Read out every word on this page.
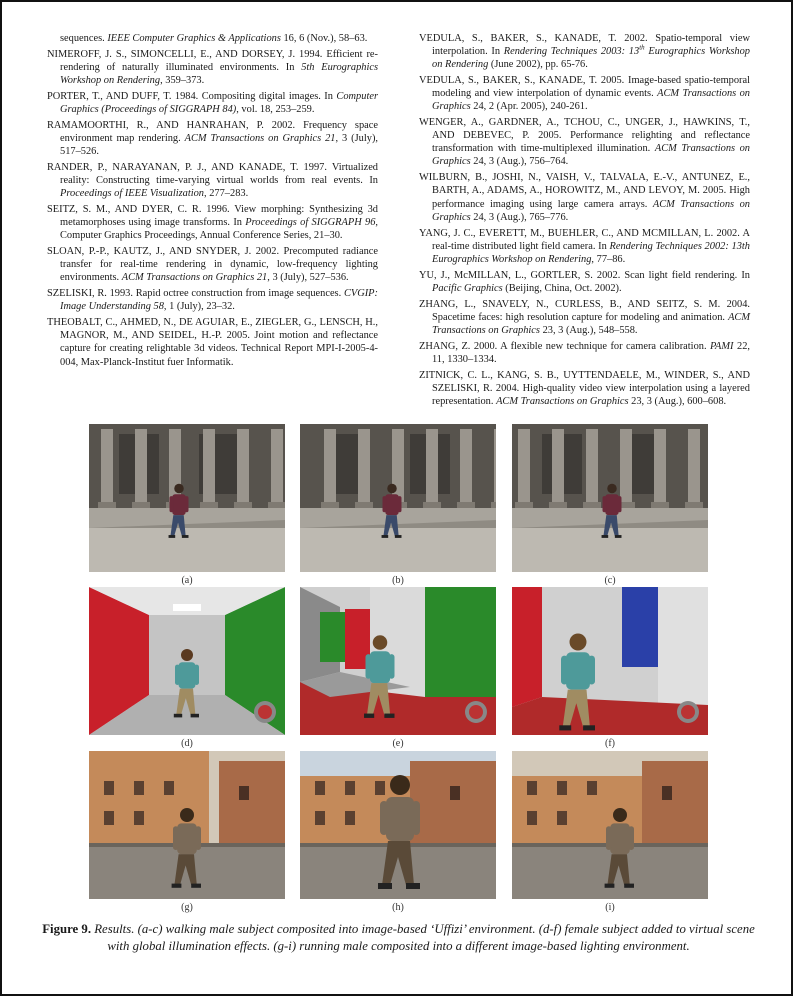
sequences. IEEE Computer Graphics & Applications 16, 6 (Nov.), 58–63.

NIMEROFF, J. S., SIMONCELLI, E., AND DORSEY, J. 1994. Efficient re-rendering of naturally illuminated environments. In 5th Eurographics Workshop on Rendering, 359–373.

PORTER, T., AND DUFF, T. 1984. Compositing digital images. In Computer Graphics (Proceedings of SIGGRAPH 84), vol. 18, 253–259.

RAMAMOORTHI, R., AND HANRAHAN, P. 2002. Frequency space environment map rendering. ACM Transactions on Graphics 21, 3 (July), 517–526.

RANDER, P., NARAYANAN, P. J., AND KANADE, T. 1997. Virtualized reality: Constructing time-varying virtual worlds from real events. In Proceedings of IEEE Visualization, 277–283.

SEITZ, S. M., AND DYER, C. R. 1996. View morphing: Synthesizing 3d metamorphoses using image transforms. In Proceedings of SIGGRAPH 96, Computer Graphics Proceedings, Annual Conference Series, 21–30.

SLOAN, P.-P., KAUTZ, J., AND SNYDER, J. 2002. Precomputed radiance transfer for real-time rendering in dynamic, low-frequency lighting environments. ACM Transactions on Graphics 21, 3 (July), 527–536.

SZELISKI, R. 1993. Rapid octree construction from image sequences. CVGIP: Image Understanding 58, 1 (July), 23–32.

THEOBALT, C., AHMED, N., DE AGUIAR, E., ZIEGLER, G., LENSCH, H., MAGNOR, M., AND SEIDEL, H.-P. 2005. Joint motion and reflectance capture for creating relightable 3d videos. Technical Report MPI-I-2005-4-004, Max-Planck-Institut fuer Informatik.

VEDULA, S., BAKER, S., KANADE, T. 2002. Spatio-temporal view interpolation. In Rendering Techniques 2003: 13th Eurographics Workshop on Rendering (June 2002), pp. 65-76.

VEDULA, S., BAKER, S., KANADE, T. 2005. Image-based spatio-temporal modeling and view interpolation of dynamic events. ACM Transactions on Graphics 24, 2 (Apr. 2005), 240-261.

WENGER, A., GARDNER, A., TCHOU, C., UNGER, J., HAWKINS, T., AND DEBEVEC, P. 2005. Performance relighting and reflectance transformation with time-multiplexed illumination. ACM Transactions on Graphics 24, 3 (Aug.), 756–764.

WILBURN, B., JOSHI, N., VAISH, V., TALVALA, E.-V., ANTUNEZ, E., BARTH, A., ADAMS, A., HOROWITZ, M., AND LEVOY, M. 2005. High performance imaging using large camera arrays. ACM Transactions on Graphics 24, 3 (Aug.), 765–776.

YANG, J. C., EVERETT, M., BUEHLER, C., AND MCMILLAN, L. 2002. A real-time distributed light field camera. In Rendering Techniques 2002: 13th Eurographics Workshop on Rendering, 77–86.

YU, J., McMILLAN, L., GORTLER, S. 2002. Scan light field rendering. In Pacific Graphics (Beijing, China, Oct. 2002).

ZHANG, L., SNAVELY, N., CURLESS, B., AND SEITZ, S. M. 2004. Spacetime faces: high resolution capture for modeling and animation. ACM Transactions on Graphics 23, 3 (Aug.), 548–558.

ZHANG, Z. 2000. A flexible new technique for camera calibration. PAMI 22, 11, 1330–1334.

ZITNICK, C. L., KANG, S. B., UYTTENDAELE, M., WINDER, S., AND SZELISKI, R. 2004. High-quality video view interpolation using a layered representation. ACM Transactions on Graphics 23, 3 (Aug.), 600–608.

(a)	(b)	(c)
(d)	(e)	(f)
(g)	(h)	(i)
Figure 9. Results. (a-c) walking male subject composited into image-based ‘Uffizi’ environment. (d-f) female subject added to virtual scene with global illumination effects. (g-i) running male composited into a different image-based lighting environment.
